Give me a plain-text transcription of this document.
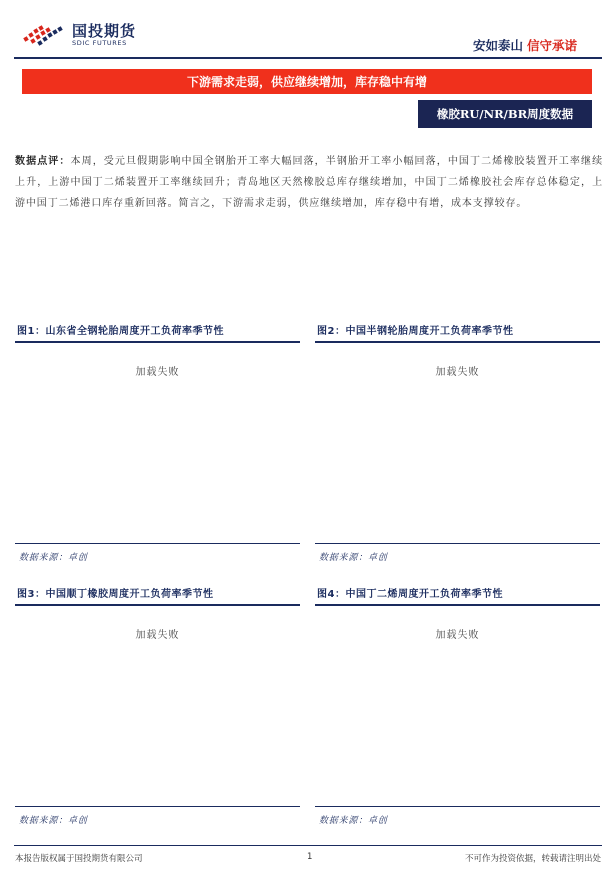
国投期货
SDIC FUTURES	安如泰山 信守承诺
下游需求走弱，供应继续增加，库存稳中有增
橡胶RU/NR/BR周度数据
数据点评：本周，受元旦假期影响中国全钢胎开工率大幅回落，半钢胎开工率小幅回落，中国丁二烯橡胶装置开工率继续上升，上游中国丁二烯装置开工率继续回升；青岛地区天然橡胶总库存继续增加，中国丁二烯橡胶社会库存总体稳定，上游中国丁二烯港口库存重新回落。简言之，下游需求走弱，供应继续增加，库存稳中有增，成本支撑较存。
图1：山东省全钢轮胎周度开工负荷率季节性
加载失败
数据来源：卓创
图2：中国半钢轮胎周度开工负荷率季节性
加载失败
数据来源：卓创
图3：中国顺丁橡胶周度开工负荷率季节性
加载失败
数据来源：卓创
图4：中国丁二烯周度开工负荷率季节性
加载失败
数据来源：卓创
本报告版权属于国投期货有限公司	1	不可作为投资依据，转载请注明出处
